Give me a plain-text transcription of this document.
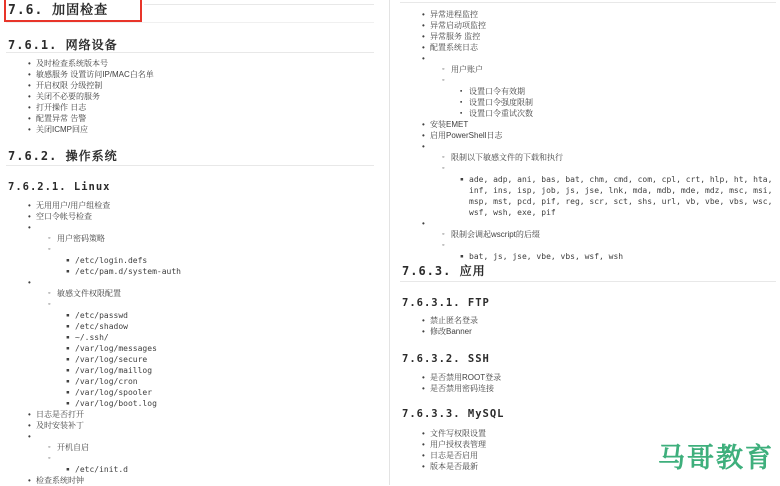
7.6. 加固检查
7.6.1. 网络设备
• 及时检查系统版本号
• 敏感服务 设置访问IP/MAC白名单
• 开启权限 分级控制
• 关闭不必要的服务
• 打开操作 日志
• 配置异常 告警
• 关闭ICMP回应
7.6.2. 操作系统
7.6.2.1. Linux
• 无用用户/用户组检查
• 空口令帐号检查
•
◦ 用户密码策略
◦
▪ /etc/login.defs
▪ /etc/pam.d/system-auth
•
◦ 敏感文件权限配置
◦
▪ /etc/passwd
▪ /etc/shadow
▪ ~/.ssh/
▪ /var/log/messages
▪ /var/log/secure
▪ /var/log/maillog
▪ /var/log/cron
▪ /var/log/spooler
▪ /var/log/boot.log
• 日志是否打开
• 及时安装补丁
•
◦ 开机自启
◦
▪ /etc/init.d
• 检查系统时钟
• 异常进程监控
• 异常启动项监控
• 异常服务 监控
• 配置系统日志
•
◦ 用户账户
◦
▪ 设置口令有效期
▪ 设置口令强度限制
▪ 设置口令重试次数
• 安装EMET
• 启用PowerShell日志
•
◦ 限制以下敏感文件的下载和执行
◦
▪ ade, adp, ani, bas, bat, chm, cmd, com, cpl, crt, hlp, ht, hta, inf, ins, isp, job, js, jse, lnk, mda, mdb, mde, mdz, msc, msi, msp, mst, pcd, pif, reg, scr, sct, shs, url, vb, vbe, vbs, wsc, wsf, wsh, exe, pif
•
◦ 限制会调起wscript的后缀
◦
▪ bat, js, jse, vbe, vbs, wsf, wsh
7.6.3. 应用
7.6.3.1. FTP
• 禁止匿名登录
• 修改Banner
7.6.3.2. SSH
• 是否禁用ROOT登录
• 是否禁用密码连接
7.6.3.3. MySQL
• 文件写权限设置
• 用户授权表管理
• 日志是否启用
• 版本是否最新	马哥教育
